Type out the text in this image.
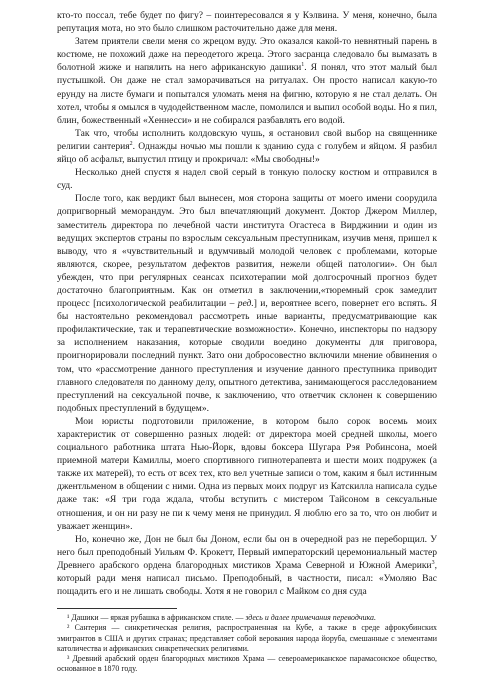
кто-то поссал, тебе будет по фигу? – поинтересовался я у Кэлвина. У меня, конечно, была репутация мота, но это было слишком расточительно даже для меня.

Затем приятели свели меня со жрецом вуду. Это оказался какой-то невнятный парень в костюме, не похожий даже на переодетого жреца. Этого засранца следовало бы вымазать в болотной жиже и напялить на него африканскую дашики$^1$. Я понял, что этот малый был пустышкой. Он даже не стал заморачиваться на ритуалах. Он просто написал какую-то ерунду на листе бумаги и попытался уломать меня на фигню, которую я не стал делать. Он хотел, чтобы я омылся в чудодейственном масле, помолился и выпил особой воды. Но я пил, блин, божественный «Хеннесси» и не собирался разбавлять его водой.

Так что, чтобы исполнить колдовскую чушь, я остановил свой выбор на священнике религии сантерия$^2$. Однажды ночью мы пошли к зданию суда с голубем и яйцом. Я разбил яйцо об асфальт, выпустил птицу и прокричал: «Мы свободны!»

Несколько дней спустя я надел свой серый в тонкую полоску костюм и отправился в суд.

После того, как вердикт был вынесен, моя сторона защиты от моего имени соорудила допригворный меморандум. Это был впечатляющий документ. Доктор Джером Миллер, заместитель директора по лечебной части института Огастеса в Вирджинии и один из ведущих экспертов страны по взрослым сексуальным преступникам, изучив меня, пришел к выводу, что я «чувствительный и вдумчивый молодой человек с проблемами, которые являются, скорее, результатом дефектов развития, нежели общей патологии». Он был убежден, что при регулярных сеансах психотерапии мой долгосрочный прогноз будет достаточно благоприятным. Как он отметил в заключении,«тюремный срок замедлит процесс [психологической реабилитации – ред.] и, вероятнее всего, повернет его вспять. Я бы настоятельно рекомендовал рассмотреть иные варианты, предусматривающие как профилактические, так и терапевтические возможности». Конечно, инспекторы по надзору за исполнением наказания, которые сводили воедино документы для приговора, проигнорировали последний пункт. Зато они добросовестно включили мнение обвинения о том, что «рассмотрение данного преступления и изучение данного преступника приводит главного следователя по данному делу, опытного детектива, занимающегося расследованием преступлений на сексуальной почве, к заключению, что ответчик склонен к совершению подобных преступлений в будущем».

Мои юристы подготовили приложение, в котором было сорок восемь моих характеристик от совершенно разных людей: от директора моей средней школы, моего социального работника штата Нью-Йорк, вдовы боксера Шугара Рэя Робинсона, моей приемной матери Камиллы, моего спортивного гипнотерапевта и шести моих подружек (а также их матерей), то есть от всех тех, кто вел учетные записи о том, каким я был истинным джентльменом в общении с ними. Одна из первых моих подруг из Катскилла написала судье даже так: «Я три года ждала, чтобы вступить с мистером Тайсоном в сексуальные отношения, и он ни разу не пи к чему меня не принудил. Я люблю его за то, что он любит и уважает женщин».

Но, конечно же, Дон не был бы Доном, если бы он в очередной раз не переборщил. У него был преподобный Уильям Ф. Крокетт, Первый императорский церемониальный мастер Древнего арабского ордена благородных мистиков Храма Северной и Южной Америки$^3$, который ради меня написал письмо. Преподобный, в частности, писал: «Умоляю Вас пощадить его и не лишать свободы. Хотя я не говорил с Майком со дня суда

¹ Дашики — яркая рубашка в африканском стиле. — здесь и далее примечания переводчика.

² Сантерия — синкретическая религия, распространенная на Кубе, а также в среде афрокубинских эмигрантов в США и других странах; представляет собой верования народа йоруба, смешанные с элементами католичества и африканских синкретических религиями.

³ Древний арабский орден благородных мистиков Храма — североамериканское парамасонское общество, основанное в 1870 году.
